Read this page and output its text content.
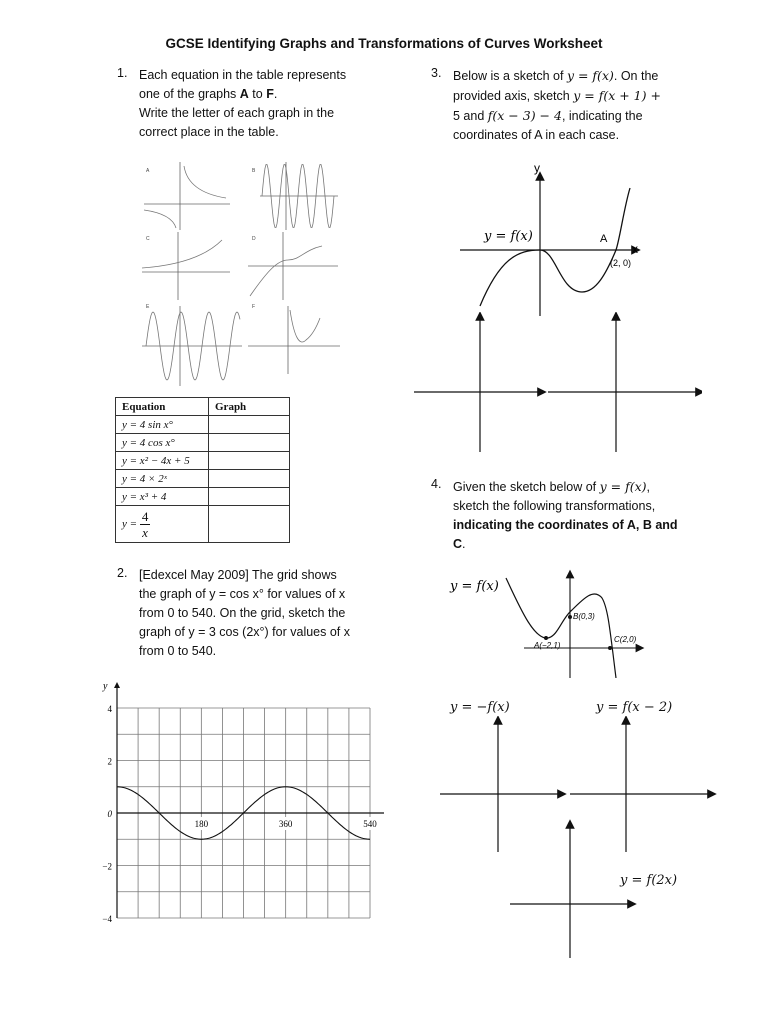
GCSE Identifying Graphs and Transformations of Curves Worksheet
1. Each equation in the table represents

one of the graphs A to F.

Write the letter of each graph in the

correct place in the table.

A	B
C	D
E	F
Equation	Graph
y = 4 sin x°	
y = 4 cos x°	
y = x² − 4x + 5	
y = 4 × 2ˣ	
y = x³ + 4	
$y = \frac{4}{x}$

2. [Edexcel May 2009] The grid shows

the graph of y = cos x° for values of x

from 0 to 540. On the grid, sketch the

graph of y = 3 cos (2x°) for values of x

from 0 to 540.

y
4
2
0
−2
−4
180	360	540
3. Below is a sketch of y = f(x). On the

provided axis, sketch y = f(x + 1) +

5 and f(x − 3) − 4, indicating the

coordinates of A in each case.

y
x
y = f(x)	A
(2, 0)
4. Given the sketch below of y = f(x),

sketch the following transformations,

indicating the coordinates of A, B and

C.

y = f(x)
A(−2,1)
B(0,3)
C(2,0)
y = −f(x)	y = f(x − 2)
y = f(2x)
